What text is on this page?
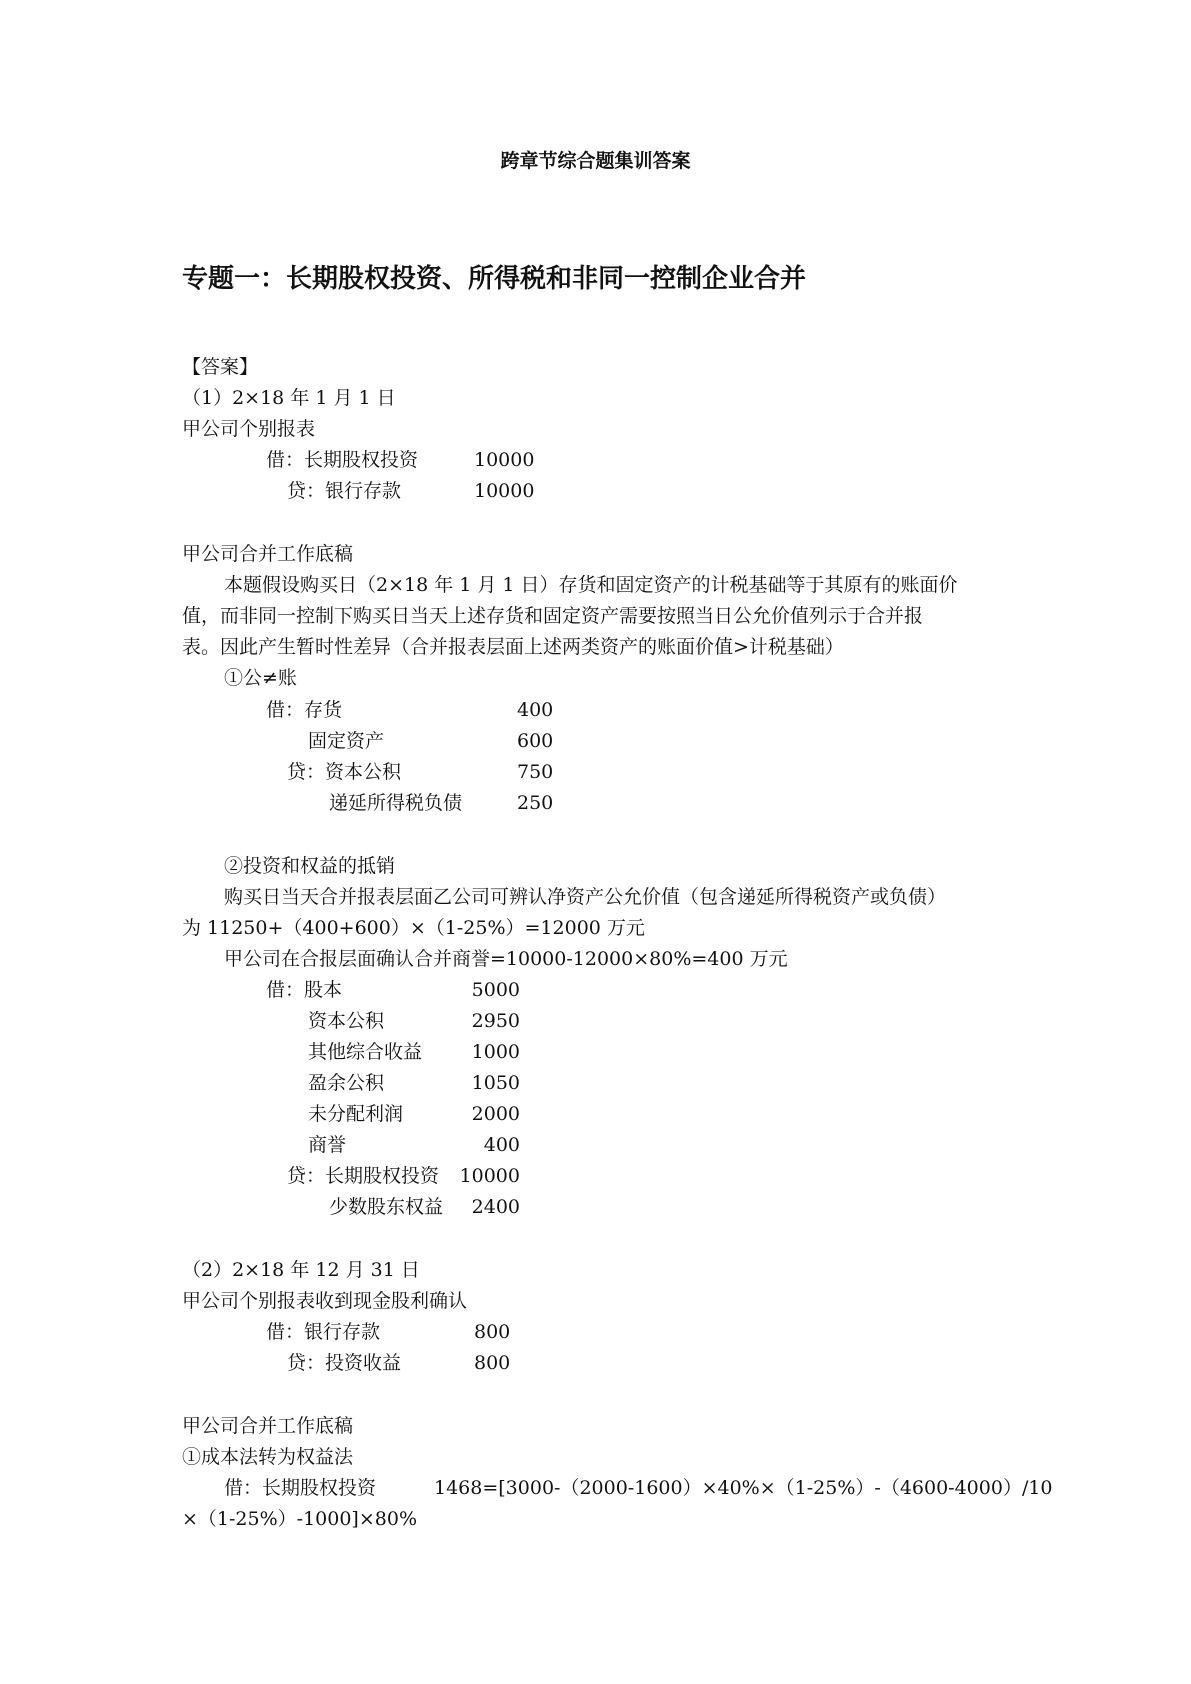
跨章节综合题集训答案
专题一：长期股权投资、所得税和非同一控制企业合并
【答案】
（1）2×18 年 1 月 1 日
甲公司个别报表
借：长期股权投资	10000
贷：银行存款	10000
甲公司合并工作底稿
本题假设购买日（2×18 年 1 月 1 日）存货和固定资产的计税基础等于其原有的账面价
值，而非同一控制下购买日当天上述存货和固定资产需要按照当日公允价值列示于合并报
表。因此产生暂时性差异（合并报表层面上述两类资产的账面价值>计税基础）
①公≠账
借：存货	400
固定资产	600
贷：资本公积	750
递延所得税负债	250
②投资和权益的抵销
购买日当天合并报表层面乙公司可辨认净资产公允价值（包含递延所得税资产或负债）
为 11250+（400+600）×（1-25%）=12000 万元
甲公司在合报层面确认合并商誉=10000-12000×80%=400 万元
借：股本	5000
资本公积	2950
其他综合收益	1000
盈余公积	1050
未分配利润	2000
商誉	400
贷：长期股权投资	10000
少数股东权益	2400
（2）2×18 年 12 月 31 日
甲公司个别报表收到现金股利确认
借：银行存款	800
贷：投资收益	800
甲公司合并工作底稿
①成本法转为权益法
借：长期股权投资	1468=[3000-（2000-1600）×40%×（1-25%）-（4600-4000）/10
×（1-25%）-1000]×80%
